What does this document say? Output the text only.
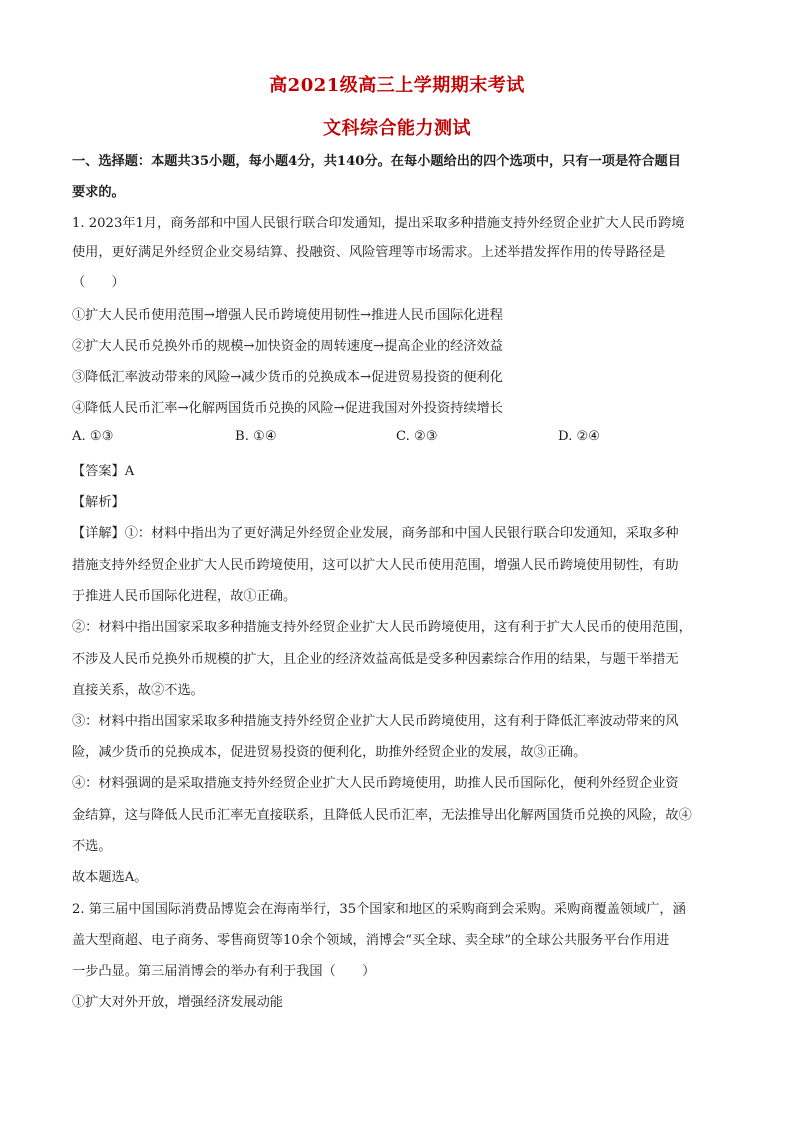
高2021级高三上学期期末考试
文科综合能力测试
一、选择题：本题共35小题，每小题4分，共140分。在每小题给出的四个选项中，只有一项是符合题目
要求的。
1. 2023年1月，商务部和中国人民银行联合印发通知，提出采取多种措施支持外经贸企业扩大人民币跨境
使用，更好满足外经贸企业交易结算、投融资、风险管理等市场需求。上述举措发挥作用的传导路径是
（　　）
①扩大人民币使用范围→增强人民币跨境使用韧性→推进人民币国际化进程
②扩大人民币兑换外币的规模→加快资金的周转速度→提高企业的经济效益
③降低汇率波动带来的风险→减少货币的兑换成本→促进贸易投资的便利化
④降低人民币汇率→化解两国货币兑换的风险→促进我国对外投资持续增长
A. ①③	B. ①④	C. ②③	D. ②④
【答案】A
【解析】
【详解】①：材料中指出为了更好满足外经贸企业发展，商务部和中国人民银行联合印发通知，采取多种
措施支持外经贸企业扩大人民币跨境使用，这可以扩大人民币使用范围，增强人民币跨境使用韧性，有助
于推进人民币国际化进程，故①正确。
②：材料中指出国家采取多种措施支持外经贸企业扩大人民币跨境使用，这有利于扩大人民币的使用范围，
不涉及人民币兑换外币规模的扩大，且企业的经济效益高低是受多种因素综合作用的结果，与题干举措无
直接关系，故②不选。
③：材料中指出国家采取多种措施支持外经贸企业扩大人民币跨境使用，这有利于降低汇率波动带来的风
险，减少货币的兑换成本，促进贸易投资的便利化，助推外经贸企业的发展，故③正确。
④：材料强调的是采取措施支持外经贸企业扩大人民币跨境使用，助推人民币国际化，便利外经贸企业资
金结算，这与降低人民币汇率无直接联系，且降低人民币汇率，无法推导出化解两国货币兑换的风险，故④
不选。
故本题选A。
2. 第三届中国国际消费品博览会在海南举行，35个国家和地区的采购商到会采购。采购商覆盖领域广，涵
盖大型商超、电子商务、零售商贸等10余个领域，消博会“买全球、卖全球”的全球公共服务平台作用进
一步凸显。第三届消博会的举办有利于我国（　　）
①扩大对外开放，增强经济发展动能
